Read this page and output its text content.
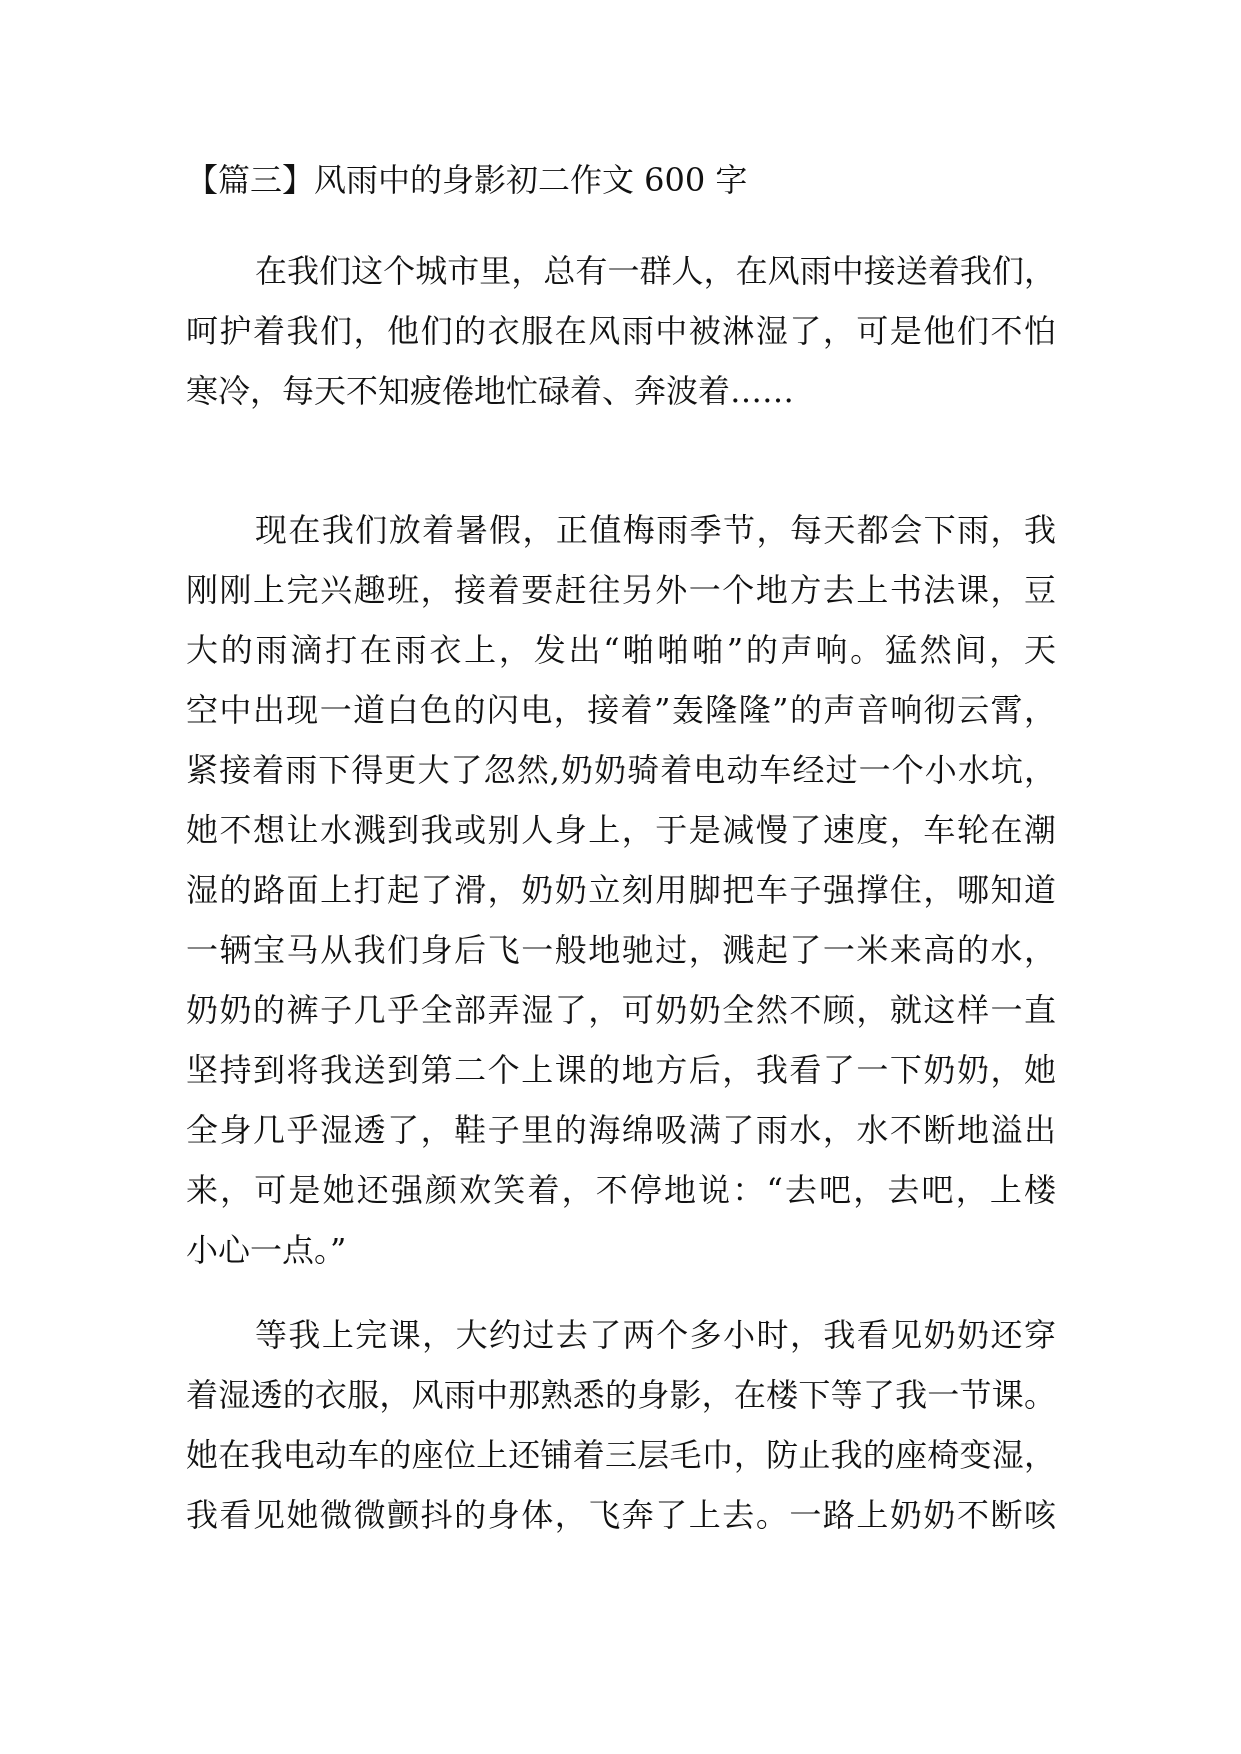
【篇三】风雨中的身影初二作文 600 字
在我们这个城市里，总有一群人，在风雨中接送着我们，
呵护着我们，他们的衣服在风雨中被淋湿了，可是他们不怕
寒冷，每天不知疲倦地忙碌着、奔波着……
现在我们放着暑假，正值梅雨季节，每天都会下雨，我
刚刚上完兴趣班，接着要赶往另外一个地方去上书法课，豆
大的雨滴打在雨衣上，发出“啪啪啪”的声响。猛然间，天
空中出现一道白色的闪电，接着”轰隆隆”的声音响彻云霄，
紧接着雨下得更大了忽然,奶奶骑着电动车经过一个小水坑，
她不想让水溅到我或别人身上，于是减慢了速度，车轮在潮
湿的路面上打起了滑，奶奶立刻用脚把车子强撑住，哪知道
一辆宝马从我们身后飞一般地驰过，溅起了一米来高的水，
奶奶的裤子几乎全部弄湿了，可奶奶全然不顾，就这样一直
坚持到将我送到第二个上课的地方后，我看了一下奶奶，她
全身几乎湿透了，鞋子里的海绵吸满了雨水，水不断地溢出
来，可是她还强颜欢笑着，不停地说：“去吧，去吧，上楼
小心一点。”
等我上完课，大约过去了两个多小时，我看见奶奶还穿
着湿透的衣服，风雨中那熟悉的身影，在楼下等了我一节课。
她在我电动车的座位上还铺着三层毛巾，防止我的座椅变湿，
我看见她微微颤抖的身体，飞奔了上去。一路上奶奶不断咳
